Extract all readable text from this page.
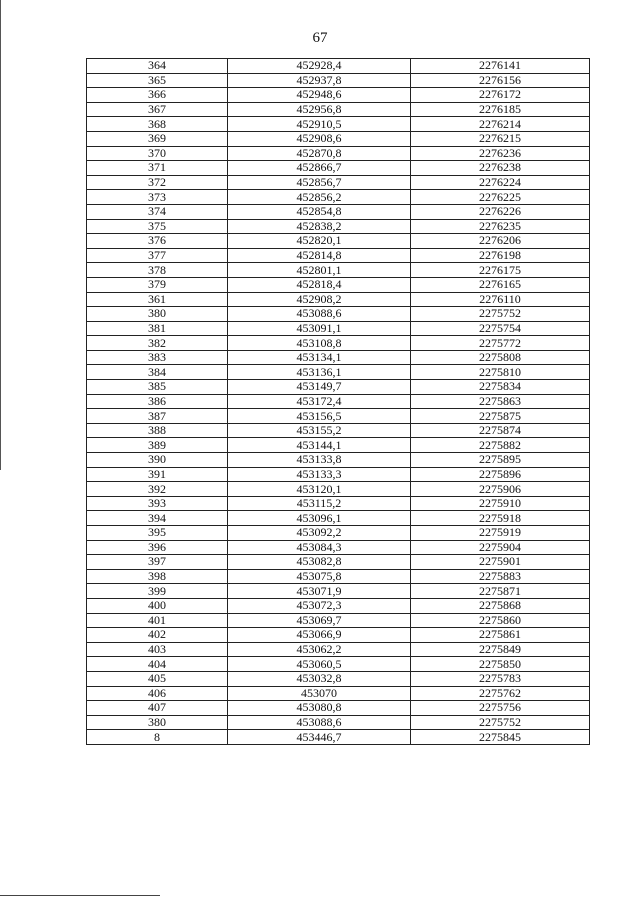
67
364	452928,4	2276141
365	452937,8	2276156
366	452948,6	2276172
367	452956,8	2276185
368	452910,5	2276214
369	452908,6	2276215
370	452870,8	2276236
371	452866,7	2276238
372	452856,7	2276224
373	452856,2	2276225
374	452854,8	2276226
375	452838,2	2276235
376	452820,1	2276206
377	452814,8	2276198
378	452801,1	2276175
379	452818,4	2276165
361	452908,2	2276110
380	453088,6	2275752
381	453091,1	2275754
382	453108,8	2275772
383	453134,1	2275808
384	453136,1	2275810
385	453149,7	2275834
386	453172,4	2275863
387	453156,5	2275875
388	453155,2	2275874
389	453144,1	2275882
390	453133,8	2275895
391	453133,3	2275896
392	453120,1	2275906
393	453115,2	2275910
394	453096,1	2275918
395	453092,2	2275919
396	453084,3	2275904
397	453082,8	2275901
398	453075,8	2275883
399	453071,9	2275871
400	453072,3	2275868
401	453069,7	2275860
402	453066,9	2275861
403	453062,2	2275849
404	453060,5	2275850
405	453032,8	2275783
406	453070	2275762
407	453080,8	2275756
380	453088,6	2275752
8	453446,7	2275845
